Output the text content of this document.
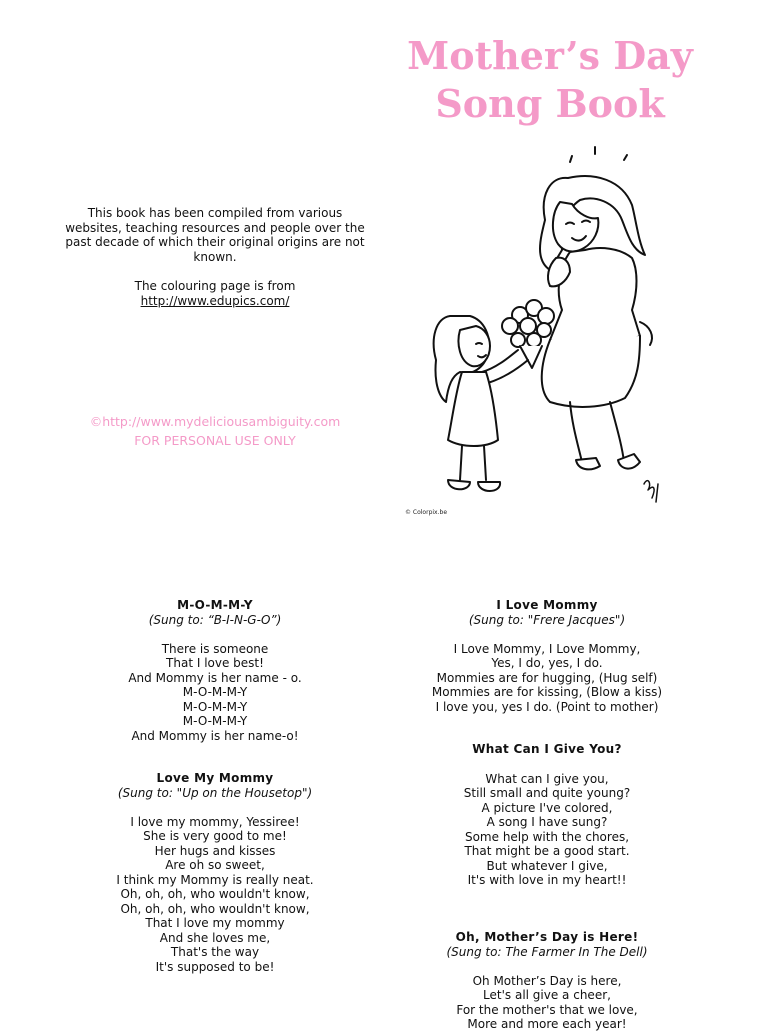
Mother’s Day
Song Book

This book has been compiled from various
websites, teaching resources and people over the
past decade of which their original origins are not
known.

The colouring page is from
http://www.edupics.com/

©http://www.mydeliciousambiguity.com
FOR PERSONAL USE ONLY
© Colorpix.be
M-O-M-M-Y
(Sung to: “B-I-N-G-O”)
There is someone
That I love best!
And Mommy is her name - o.
M-O-M-M-Y
M-O-M-M-Y
M-O-M-M-Y
And Mommy is her name-o!
Love My Mommy
(Sung to: "Up on the Housetop")
I love my mommy, Yessiree!
She is very good to me!
Her hugs and kisses
Are oh so sweet,
I think my Mommy is really neat.
Oh, oh, oh, who wouldn't know,
Oh, oh, oh, who wouldn't know,
That I love my mommy
And she loves me,
That's the way
It's supposed to be!
I Love Mommy
(Sung to: "Frere Jacques")
I Love Mommy, I Love Mommy,
Yes, I do, yes, I do.
Mommies are for hugging, (Hug self)
Mommies are for kissing, (Blow a kiss)
I love you, yes I do. (Point to mother)
What Can I Give You?
What can I give you,
Still small and quite young?
A picture I've colored,
A song I have sung?
Some help with the chores,
That might be a good start.
But whatever I give,
It's with love in my heart!!
Oh, Mother’s Day is Here!
(Sung to: The Farmer In The Dell)
Oh Mother’s Day is here,
Let's all give a cheer,
For the mother's that we love,
More and more each year!
